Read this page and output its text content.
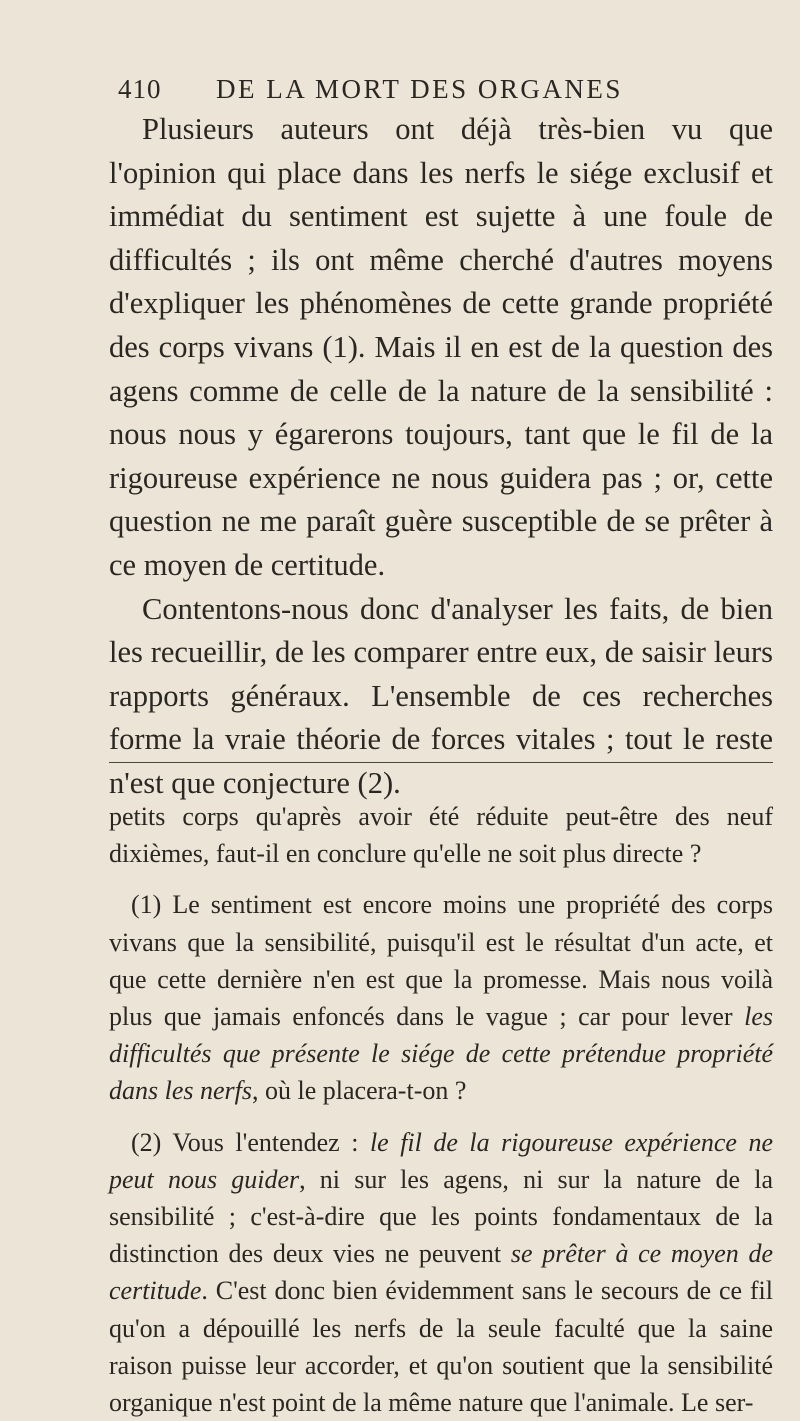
410 DE LA MORT DES ORGANES

Plusieurs auteurs ont déjà très-bien vu que l'opinion qui place dans les nerfs le siége exclusif et immédiat du sentiment est sujette à une foule de difficultés ; ils ont même cherché d'autres moyens d'expliquer les phénomènes de cette grande propriété des corps vivans (1). Mais il en est de la question des agens comme de celle de la nature de la sensibilité : nous nous y égarerons toujours, tant que le fil de la rigoureuse expérience ne nous guidera pas ; or, cette question ne me paraît guère susceptible de se prêter à ce moyen de certitude.

Contentons-nous donc d'analyser les faits, de bien les recueillir, de les comparer entre eux, de saisir leurs rapports généraux. L'ensemble de ces recherches forme la vraie théorie de forces vitales ; tout le reste n'est que conjecture (2).

petits corps qu'après avoir été réduite peut-être des neuf dixièmes, faut-il en conclure qu'elle ne soit plus directe ?

(1) Le sentiment est encore moins une propriété des corps vivans que la sensibilité, puisqu'il est le résultat d'un acte, et que cette dernière n'en est que la promesse. Mais nous voilà plus que jamais enfoncés dans le vague ; car pour lever les difficultés que présente le siége de cette prétendue propriété dans les nerfs, où le placera-t-on ?

(2) Vous l'entendez : le fil de la rigoureuse expérience ne peut nous guider, ni sur les agens, ni sur la nature de la sensibilité ; c'est-à-dire que les points fondamentaux de la distinction des deux vies ne peuvent se prêter à ce moyen de certitude. C'est donc bien évidemment sans le secours de ce fil qu'on a dépouillé les nerfs de la seule faculté que la saine raison puisse leur accorder, et qu'on soutient que la sensibilité organique n'est point de la même nature que l'animale. Le ser-
